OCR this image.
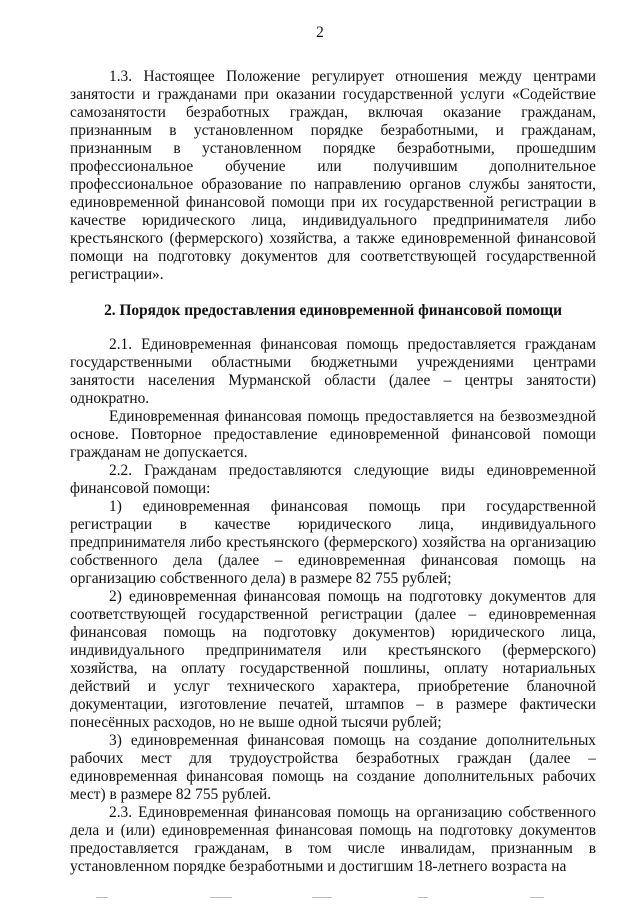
2

1.3. Настоящее Положение регулирует отношения между центрами занятости и гражданами при оказании государственной услуги «Содействие самозанятости безработных граждан, включая оказание гражданам, признанным в установленном порядке безработными, и гражданам, признанным в установленном порядке безработными, прошедшим профессиональное обучение или получившим дополнительное профессиональное образование по направлению органов службы занятости, единовременной финансовой помощи при их государственной регистрации в качестве юридического лица, индивидуального предпринимателя либо крестьянского (фермерского) хозяйства, а также единовременной финансовой помощи на подготовку документов для соответствующей государственной регистрации».

2. Порядок предоставления единовременной финансовой помощи

2.1. Единовременная финансовая помощь предоставляется гражданам государственными областными бюджетными учреждениями центрами занятости населения Мурманской области (далее – центры занятости) однократно.

Единовременная финансовая помощь предоставляется на безвозмездной основе. Повторное предоставление единовременной финансовой помощи гражданам не допускается.

2.2. Гражданам предоставляются следующие виды единовременной финансовой помощи:

1) единовременная финансовая помощь при государственной регистрации в качестве юридического лица, индивидуального предпринимателя либо крестьянского (фермерского) хозяйства на организацию собственного дела (далее – единовременная финансовая помощь на организацию собственного дела) в размере 82 755 рублей;

2) единовременная финансовая помощь на подготовку документов для соответствующей государственной регистрации (далее – единовременная финансовая помощь на подготовку документов) юридического лица, индивидуального предпринимателя или крестьянского (фермерского) хозяйства, на оплату государственной пошлины, оплату нотариальных действий и услуг технического характера, приобретение бланочной документации, изготовление печатей, штампов – в размере фактически понесённых расходов, но не выше одной тысячи рублей;

3) единовременная финансовая помощь на создание дополнительных рабочих мест для трудоустройства безработных граждан (далее – единовременная финансовая помощь на создание дополнительных рабочих мест) в размере 82 755 рублей.

2.3. Единовременная финансовая помощь на организацию собственного дела и (или) единовременная финансовая помощь на подготовку документов предоставляется гражданам, в том числе инвалидам, признанным в установленном порядке безработными и достигшим 18-летнего возраста на
